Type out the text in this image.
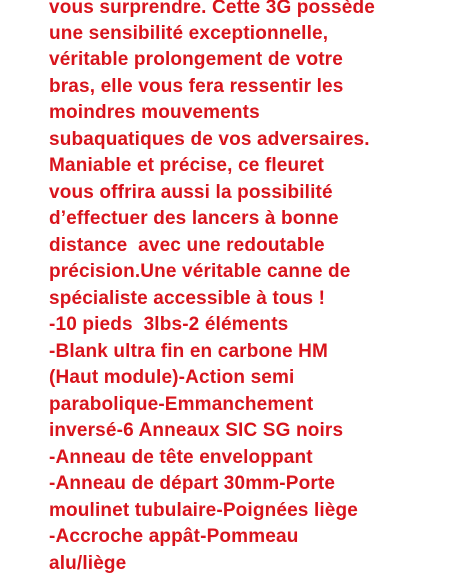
vous surprendre. Cette 3G possède
une sensibilité exceptionnelle,
véritable prolongement de votre
bras, elle vous fera ressentir les
moindres mouvements
subaquatiques de vos adversaires.
Maniable et précise, ce fleuret
vous offrira aussi la possibilité
d’effectuer des lancers à bonne
distance  avec une redoutable
précision.Une véritable canne de
spécialiste accessible à tous !
-10 pieds  3lbs-2 éléments
-Blank ultra fin en carbone HM
(Haut module)-Action semi
parabolique-Emmanchement
inversé-6 Anneaux SIC SG noirs
-Anneau de tête enveloppant
-Anneau de départ 30mm-Porte
moulinet tubulaire-Poignées liège
-Accroche appât-Pommeau
alu/liège
